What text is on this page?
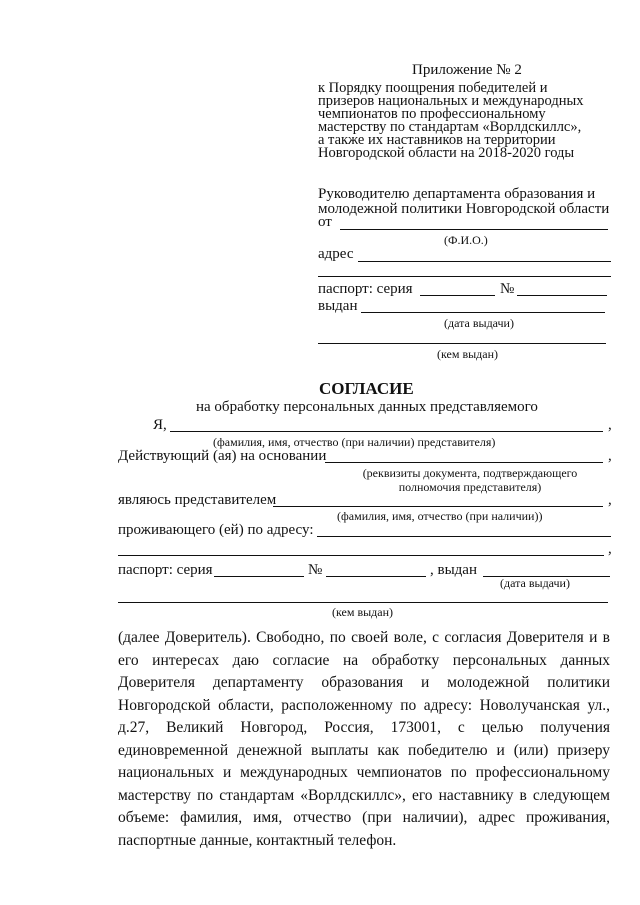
Приложение № 2
к Порядку поощрения победителей и
призеров национальных и международных
чемпионатов по профессиональному
мастерству по стандартам «Ворлдскиллс»,
а также их наставников на территории
Новгородской области на 2018-2020 годы
Руководителю департамента образования и
молодежной политики Новгородской области
от
(Ф.И.О.)
адрес
паспорт: серия	№
выдан
(дата выдачи)
(кем выдан)
СОГЛАСИЕ
на обработку персональных данных представляемого
Я,	,
(фамилия, имя, отчество (при наличии) представителя)
Действующий (ая) на основании	,
(реквизиты документа, подтверждающего
полномочия представителя)
являюсь представителем	,
(фамилия, имя, отчество (при наличии))
проживающего (ей) по адресу:
,
паспорт: серия	№	, выдан
(дата выдачи)
(кем выдан)
(далее Доверитель). Свободно, по своей воле, с согласия Доверителя и в его интересах даю согласие на обработку персональных данных Доверителя департаменту образования и молодежной политики Новгородской области, расположенному по адресу: Новолучанская ул., д.27, Великий Новгород, Россия, 173001, с целью получения единовременной денежной выплаты как победителю и (или) призеру национальных и международных чемпионатов по профессиональному мастерству по стандартам «Ворлдскиллс», его наставнику в следующем объеме: фамилия, имя, отчество (при наличии), адрес проживания, паспортные данные, контактный телефон.
